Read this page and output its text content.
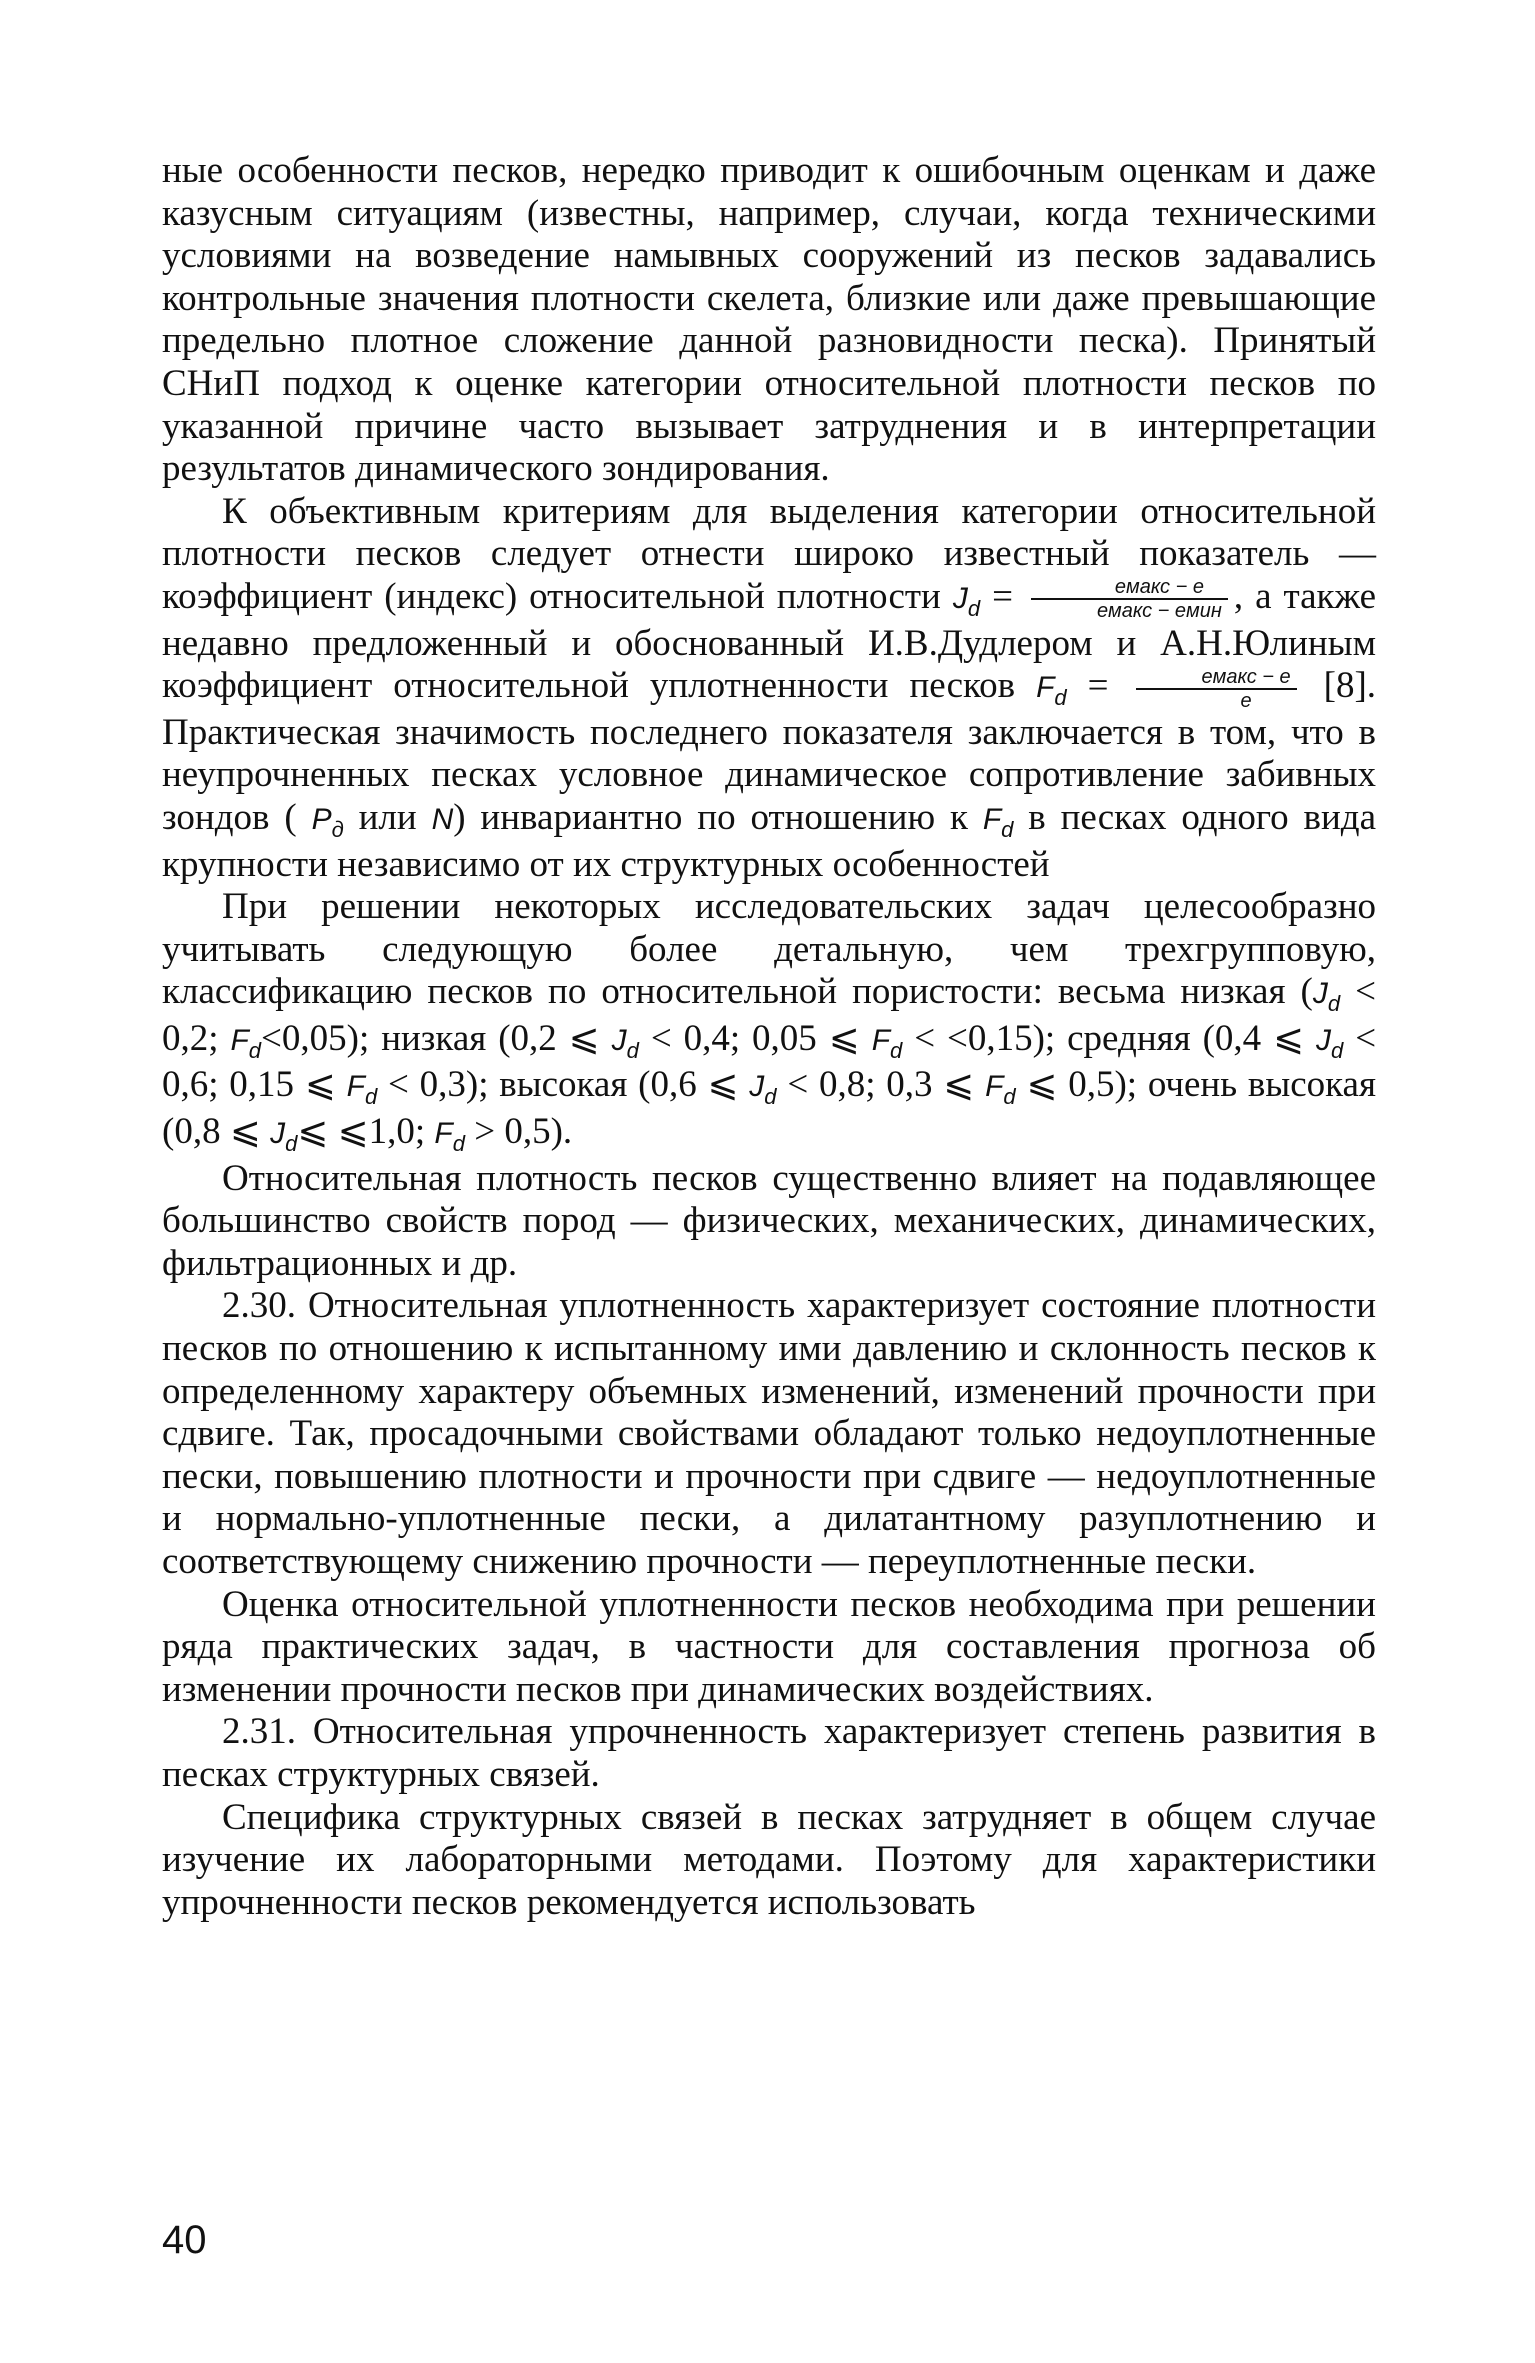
ные особенности песков, нередко приводит к ошибочным оценкам и даже казусным ситуациям (известны, например, случаи, когда техническими условиями на возведение намывных сооружений из песков задавались контрольные значения плотности скелета, близкие или даже превышающие предельно плотное сложение данной разновидности песка). Принятый СНиП подход к оценке категории относительной плотности песков по указанной причине часто вызывает затруднения и в интерпретации результатов динамического зондирования.

К объективным критериям для выделения категории относительной плотности песков следует отнести широко известный показатель — коэффициент (индекс) относительной плотности $J_d = \frac{\text{eмакс − e}}{\text{eмакс − eмин}}$ , а также недавно предложенный и обоснованный И.В.Дудлером и А.Н.Юлиным коэффициент относительной уплотненности песков $F_d = \frac{\text{eмакс − e}}{e} [8]$. Практическая значимость последнего показателя заключается в том, что в неупрочненных песках условное динамическое сопротивление забивных зондов ( $P_д$ или N) инвариантно по отношению к $F_d$ в песках одного вида крупности независимо от их структурных особенностей

При решении некоторых исследовательских задач целесообразно учитывать следующую более детальную, чем трехгрупповую, классификацию песков по относительной пористости: весьма низкая ($J_d < 0,2$; $F_d<0,05$); низкая (0,2 ⩽ $J_d < 0,4$; 0,05 ⩽ $F_d < <0,15$); средняя (0,4 ⩽ $J_d < 0,6$; 0,15 ⩽ $F_d < 0,3$); высокая (0,6 ⩽ $J_d < 0,8$; 0,3 ⩽ $F_d$ ⩽ 0,5); очень высокая (0,8 ⩽ $J_d⩽$ ⩽1,0; $F_d > 0,5$).

Относительная плотность песков существенно влияет на подавляющее большинство свойств пород — физических, механических, динамических, фильтрационных и др.

2.30. Относительная уплотненность характеризует состояние плотности песков по отношению к испытанному ими давлению и склонность песков к определенному характеру объемных изменений, изменений прочности при сдвиге. Так, просадочными свойствами обладают только недоуплотненные пески, повышению плотности и прочности при сдвиге — недоуплотненные и нормально-уплотненные пески, а дилатантному разуплотнению и соответствующему снижению прочности — переуплотненные пески.

Оценка относительной уплотненности песков необходима при решении ряда практических задач, в частности для составления прогноза об изменении прочности песков при динамических воздействиях.

2.31. Относительная упрочненность характеризует степень развития в песках структурных связей.

Специфика структурных связей в песках затрудняет в общем случае изучение их лабораторными методами. Поэтому для характеристики упрочненности песков рекомендуется использовать

40
